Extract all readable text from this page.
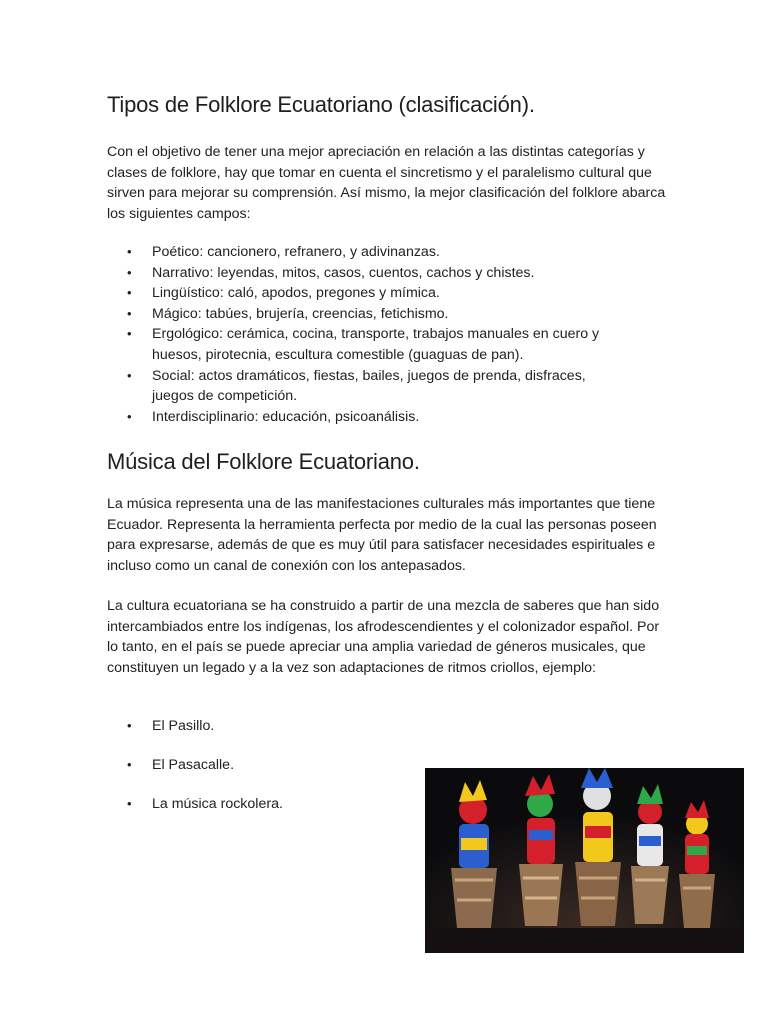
Tipos de Folklore Ecuatoriano (clasificación).

Con el objetivo de tener una mejor apreciación en relación a las distintas categorías y clases de folklore, hay que tomar en cuenta el sincretismo y el paralelismo cultural que sirven para mejorar su comprensión. Así mismo, la mejor clasificación del folklore abarca los siguientes campos:

• Poético: cancionero, refranero, y adivinanzas.
• Narrativo: leyendas, mitos, casos, cuentos, cachos y chistes.
• Lingüístico: caló, apodos, pregones y mímica.
• Mágico: tabúes, brujería, creencias, fetichismo.
• Ergológico: cerámica, cocina, transporte, trabajos manuales en cuero y huesos, pirotecnia, escultura comestible (guaguas de pan).
• Social: actos dramáticos, fiestas, bailes, juegos de prenda, disfraces, juegos de competición.
• Interdisciplinario: educación, psicoanálisis.
Música del Folklore Ecuatoriano.

La música representa una de las manifestaciones culturales más importantes que tiene Ecuador. Representa la herramienta perfecta por medio de la cual las personas poseen para expresarse, además de que es muy útil para satisfacer necesidades espirituales e incluso como un canal de conexión con los antepasados.

La cultura ecuatoriana se ha construido a partir de una mezcla de saberes que han sido intercambiados entre los indígenas, los afrodescendientes y el colonizador español. Por lo tanto, en el país se puede apreciar una amplia variedad de géneros musicales, que constituyen un legado y a la vez son adaptaciones de ritmos criollos, ejemplo:

• El Pasillo.
• El Pasacalle.
• La música rockolera.
